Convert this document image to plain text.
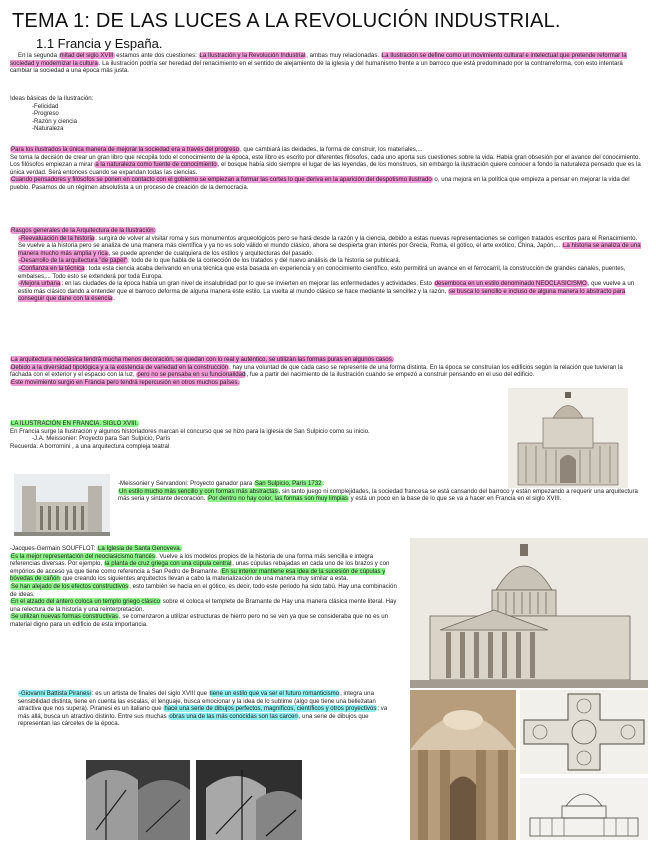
TEMA 1: DE LAS LUCES A LA REVOLUCIÓN INDUSTRIAL.
1.1 Francia y España.

En la segunda mitad del siglo XVIII estamos ante dos cuestiones: La Ilustración y la Revolución Industrial, ambas muy relacionadas. La Ilustración se define como un movimiento cultural e intelectual que pretende reformar la sociedad y modernizar la cultura. La ilustración podría ser heredad del renacimiento en el sentido de alejamiento de la iglesia y del humanismo frente a un barroco que está predominado por la contrarreforma, con esto intentará cambiar la sociedad a una época más justa.

Ideas básicas de la Ilustración:

-Felicidad

-Progreso

-Razón y ciencia

-Naturaleza

Para los ilustrados la única manera de mejorar la sociedad era a través del progreso, que cambiará las deidades, la forma de construir, los materiales,...

Se toma la decisión de crear un gran libro que recopila todo el conocimiento de la época, este libro es escrito por diferentes filósofos, cada uno aporta sus cuestiones sobre la vida. Había gran obsesión por el avance del conocimiento.

Los filósofos empiezan a mirar a la naturaleza como fuente de conocimiento, el bosque había sido siempre el lugar de las leyendas, de los monstruos, sin embargo la ilustración quiere conocer a fondo la naturaleza pensado que es la única verdad. Será entonces cuando se expandan todas las ciencias.

Cuando pensadores y filósofos se ponen en contacto con el gobierno se empiezan a formar las cortes lo que deriva en la aparición del despotismo ilustrado o, una mejora en la política que empieza a pensar en mejorar la vida del pueblo. Pasamos de un régimen absolutista a un proceso de creación de la democracia.

Rasgos generales de la Arquitectura de la Ilustración:

-Reevaluación de la historia: surgirá de volver al visitar roma y sus monumentos arqueológicos pero se hará desde la razón y la ciencia, debido a estas nuevas representaciones se corrigen tratados escritos para el Renacimiento. Se vuelve a la historia pero se analiza de una manera más científica y ya no es solo válido el mundo clásico, ahora se despierta gran interés por Grecia, Roma, el gótico, el arte exótico, China, Japón,... La historia se analiza de una manera mucho más amplia y rica, se puede aprender de cualquiera de los estilos y arquitecturas del pasado.

-Desarrollo de la arquitectura "de papel": todo de lo que habla de la corrección de los tratados y del nuevo análisis de la historia se publicará.

-Confianza en la técnica: toda esta ciencia acaba derivando en una técnica que esta basada en experiencia y en conocimiento científico, esto permitirá un avance en el ferrocarril, la construcción de grandes canales, puentes, embalses,... Todo esto se extenderá por toda Europa.

-Mejora urbana: en las ciudades de la época había un gran nivel de insalubridad por lo que se invierten en mejorar las enfermedades y actividades. Esto desemboca en un estilo denominado NEOCLASICISMO, que vuelve a un estilo más clásico dando a entender que el barroco deforma de alguna manera este estilo. La vuelta al mundo clásico se hace mediante la sencillez y la razón, se busca lo sencillo e incluso de alguna manera lo abstracto para conseguir que dane con la esencia.

La arquitectura neoclásica tendrá mucha menos decoración, se quedan con lo real y auténtico, se utilizan las formas puras en algunos casos.

Debido a la diversidad tipológica y a la existencia de variedad en la construcción, hay una voluntad de que cada caso se represente de una forma distinta. En la época se construían los edificios según la relación que tuvieran la fachada con el exterior y el espacio con la luz, pero no se pensaba en su funcionalidad, fue a partir del nacimiento de la ilustración cuando se empezó a construir pensando en el uso del edificio.

Este movimiento surgió en Francia pero tendrá repercusión en otros muchos países.

LA ILUSTRACIÓN EN FRANCIA. SIGLO XVIII.

En Francia surge la Ilustración y algunos historiadores marcan el concurso que se hizo para la iglesia de San Sulpicio como su inicio.

-J.A. Meissonier: Proyecto para San Sulpicio, París

Recuerda. A borromini , a una arquitectura compleja teatral

-Meissonier y Servandoni: Proyecto ganador para San Sulpicio, París 1732:

Un estilo mucho más sencillo y con formas más abstractas, sin tanto juego ni complejidades, la sociedad francesa se está cansando del barroco y están empezando a requerir una arquitectura más seria y sintante decoración. Por dentro no hay color, las formas son muy limpias y está un poco en la base de lo que se va a hacer en Francia en el siglo XVIII.

-Jacques-Germain SOUFFLOT: La Iglesia de Santa Genoveva.

Es la mejor representación del neoclasicismo francés. Vuelve a los modelos propios de la historia de una forma más sencilla e integra referencias diversas. Por ejemplo, la planta de cruz griega con una cúpula central, unas cúpulas rebajadas en cada uno de los brazos y con empórios de acceso ya que tiene como referencia a San Pedro de Bramante. En su interior mantiene esa idea de la sucesión de cúpulas y bóvedas de cañón que creando los siguientes arquitectos llevan a cabo la materialización de una manera muy similar a esta.

Se han alejado de los efectos constructivos, esto también se hacía en el gótico, es decir, todo este periodo ha sido tabú. Hay una combinación de ideas.

En el alzado del antero coloca un templo griego clásico sobre el coloca el templete de Bramante de Hay una manera clásica mente literal. Hay una relectura de la historia y una reinterpretación.

Se utilizan nuevas formas constructivas, se comenzaron a utilizar estructuras de hierro pero no se ven ya que se consideraba que no es un material digno para un edificio de esta importancia.

-Giovanni Battista Piranesi: es un artista de finales del siglo XVIII que tiene un estilo que va ser el futuro romanticismo, integra una sensibilidad distinta, tiene en cuenta las escalas, el lenguaje, busca emocionar y la idea de lo sublime (algo que tiene una bellezatan atractiva que nos supera). Piranesi es un italiano que hace una serie de dibujos perfectos, magníficos, científicos y otros proyectivos; va más allá, busca un atractivo distinto. Entre sus muchas obras una de las más conocidas son las carceri, una serie de dibujos que representan las cárceles de la época.
